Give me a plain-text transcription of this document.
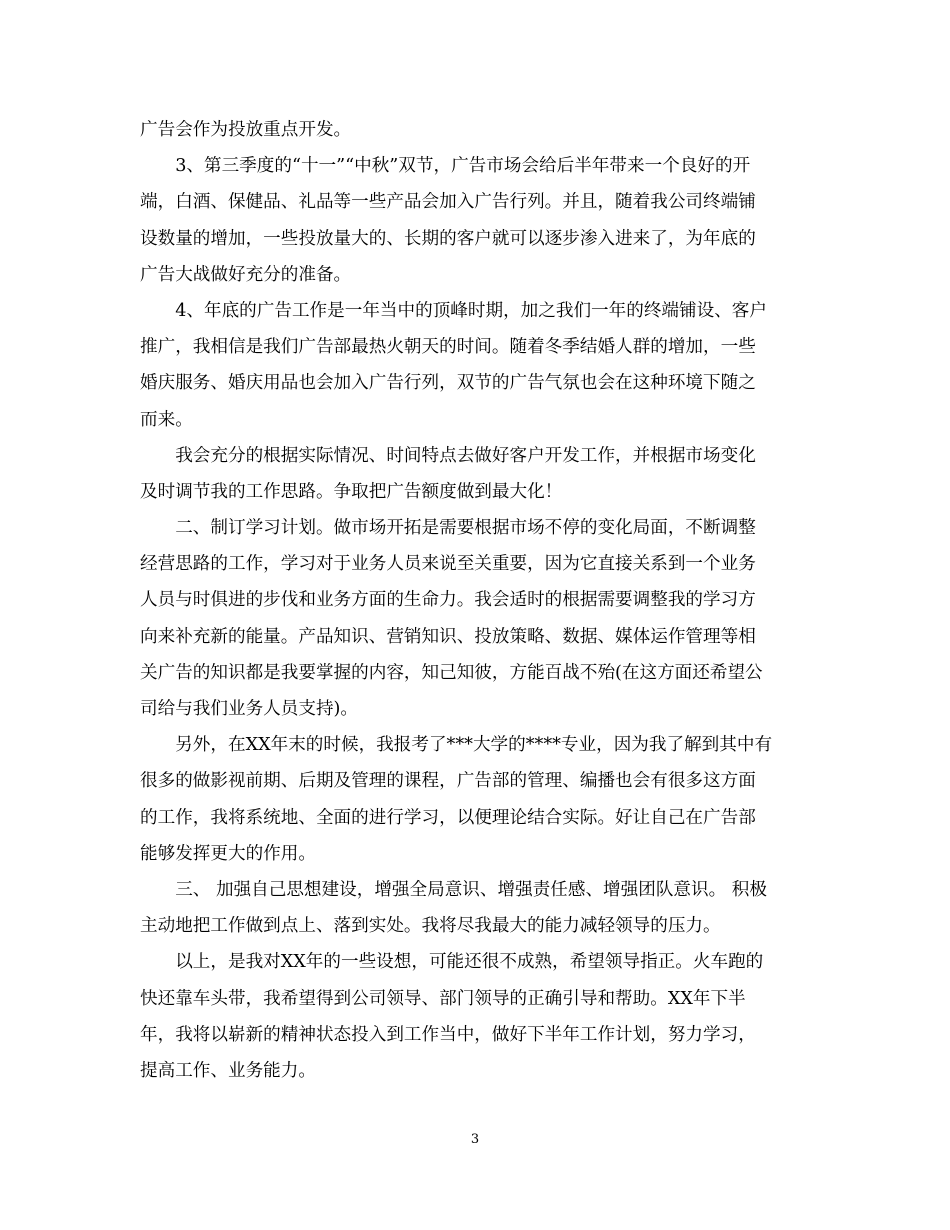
广告会作为投放重点开发。
　　3、第三季度的“十一”“中秋”双节，广告市场会给后半年带来一个良好的开
端，白酒、保健品、礼品等一些产品会加入广告行列。并且，随着我公司终端铺
设数量的增加，一些投放量大的、长期的客户就可以逐步渗入进来了，为年底的
广告大战做好充分的准备。
　　4、年底的广告工作是一年当中的顶峰时期，加之我们一年的终端铺设、客户
推广，我相信是我们广告部最热火朝天的时间。随着冬季结婚人群的增加，一些
婚庆服务、婚庆用品也会加入广告行列，双节的广告气氛也会在这种环境下随之
而来。
　　我会充分的根据实际情况、时间特点去做好客户开发工作，并根据市场变化
及时调节我的工作思路。争取把广告额度做到最大化！
　　二、制订学习计划。做市场开拓是需要根据市场不停的变化局面，不断调整
经营思路的工作，学习对于业务人员来说至关重要，因为它直接关系到一个业务
人员与时俱进的步伐和业务方面的生命力。我会适时的根据需要调整我的学习方
向来补充新的能量。产品知识、营销知识、投放策略、数据、媒体运作管理等相
关广告的知识都是我要掌握的内容，知己知彼，方能百战不殆(在这方面还希望公
司给与我们业务人员支持)。
　　另外，在XX年末的时候，我报考了***大学的****专业，因为我了解到其中有
很多的做影视前期、后期及管理的课程，广告部的管理、编播也会有很多这方面
的工作，我将系统地、全面的进行学习，以便理论结合实际。好让自己在广告部
能够发挥更大的作用。
　　三、 加强自己思想建设，增强全局意识、增强责任感、增强团队意识。 积极
主动地把工作做到点上、落到实处。我将尽我最大的能力减轻领导的压力。
　　以上，是我对XX年的一些设想，可能还很不成熟，希望领导指正。火车跑的
快还靠车头带，我希望得到公司领导、部门领导的正确引导和帮助。XX年下半
年，我将以崭新的精神状态投入到工作当中，做好下半年工作计划，努力学习，
提高工作、业务能力。
3
